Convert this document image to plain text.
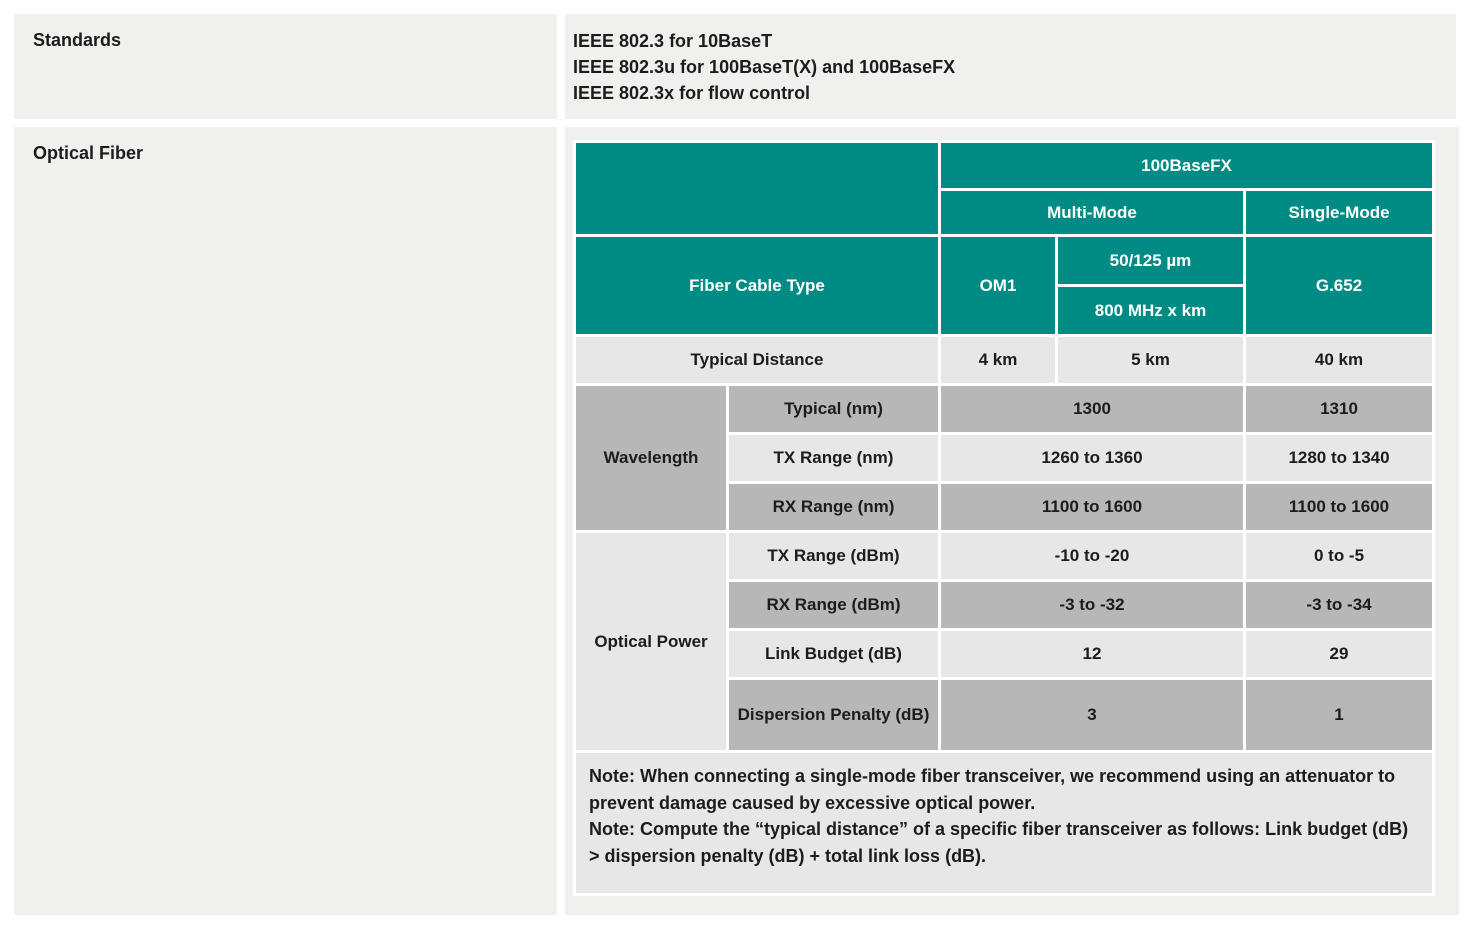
Standards	IEEE 802.3 for 10BaseT
IEEE 802.3u for 100BaseT(X) and 100BaseFX
IEEE 802.3x for flow control
Optical Fiber
		100BaseFX		
		Multi-Mode		Single-Mode
Fiber Cable Type		OM1	50/125 µm	G.652
			800 MHz x km	
Typical Distance		4 km	5 km	40 km
Wavelength	Typical (nm)	1300		1310
	TX Range (nm)	1260 to 1360		1280 to 1340
	RX Range (nm)	1100 to 1600		1100 to 1600
Optical Power	TX Range (dBm)	-10 to -20		0 to -5
	RX Range (dBm)	-3 to -32		-3 to -34
	Link Budget (dB)	12		29
	Dispersion Penalty (dB)	3		1

Note: When connecting a single-mode fiber transceiver, we recommend using an attenuator to prevent damage caused by excessive optical power.
Note: Compute the “typical distance” of a specific fiber transceiver as follows: Link budget (dB) > dispersion penalty (dB) + total link loss (dB).				
